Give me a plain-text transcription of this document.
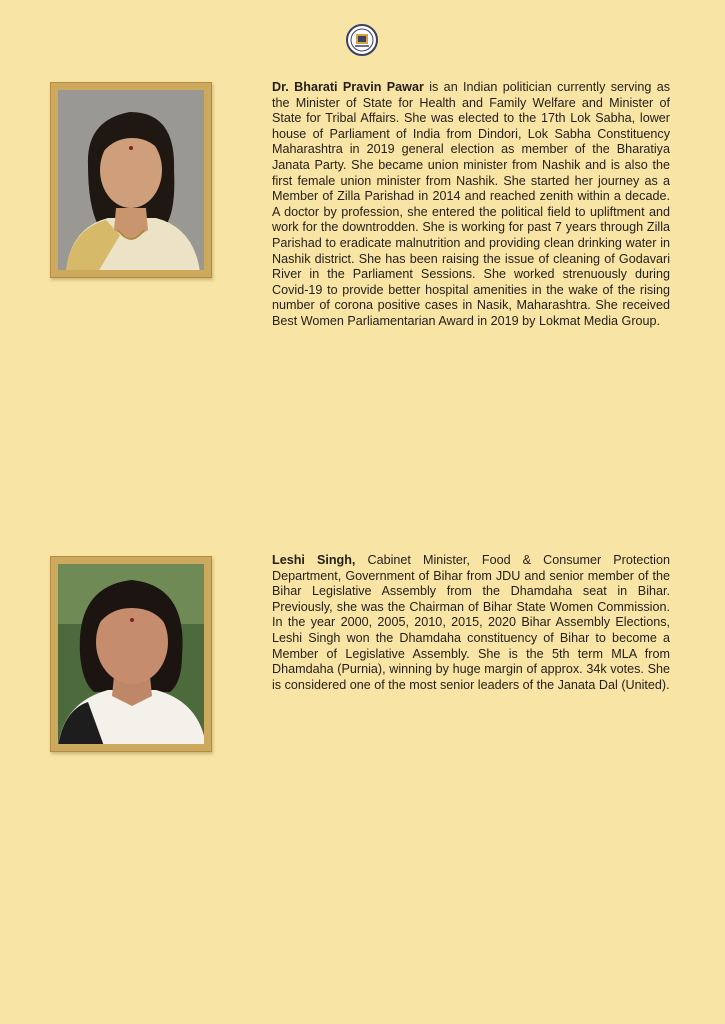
Dr. Bharati Pravin Pawar is an Indian politician currently serving as the Minister of State for Health and Family Welfare and Minister of State for Tribal Affairs. She was elected to the 17th Lok Sabha, lower house of Parliament of India from Dindori, Lok Sabha Constituency Maharashtra in 2019 general election as member of the Bharatiya Janata Party. She became union minister from Nashik and is also the first female union minister from Nashik. She started her journey as a Member of Zilla Parishad in 2014 and reached zenith within a decade. A doctor by profession, she entered the political field to upliftment and work for the downtrodden. She is working for past 7 years through Zilla Parishad to eradicate malnutrition and providing clean drinking water in Nashik district. She has been raising the issue of cleaning of Godavari River in the Parliament Sessions. She worked strenuously during Covid-19 to provide better hospital amenities in the wake of the rising number of corona positive cases in Nasik, Maharashtra. She received Best Women Parliamentarian Award in 2019 by Lokmat Media Group.

Leshi Singh, Cabinet Minister, Food & Consumer Protection Department, Government of Bihar from JDU and senior member of the Bihar Legislative Assembly from the Dhamdaha seat in Bihar. Previously, she was the Chairman of Bihar State Women Commission. In the year 2000, 2005, 2010, 2015, 2020 Bihar Assembly Elections, Leshi Singh won the Dhamdaha constituency of Bihar to become a Member of Legislative Assembly. She is the 5th term MLA from Dhamdaha (Purnia), winning by huge margin of approx. 34k votes. She is considered one of the most senior leaders of the Janata Dal (United).
